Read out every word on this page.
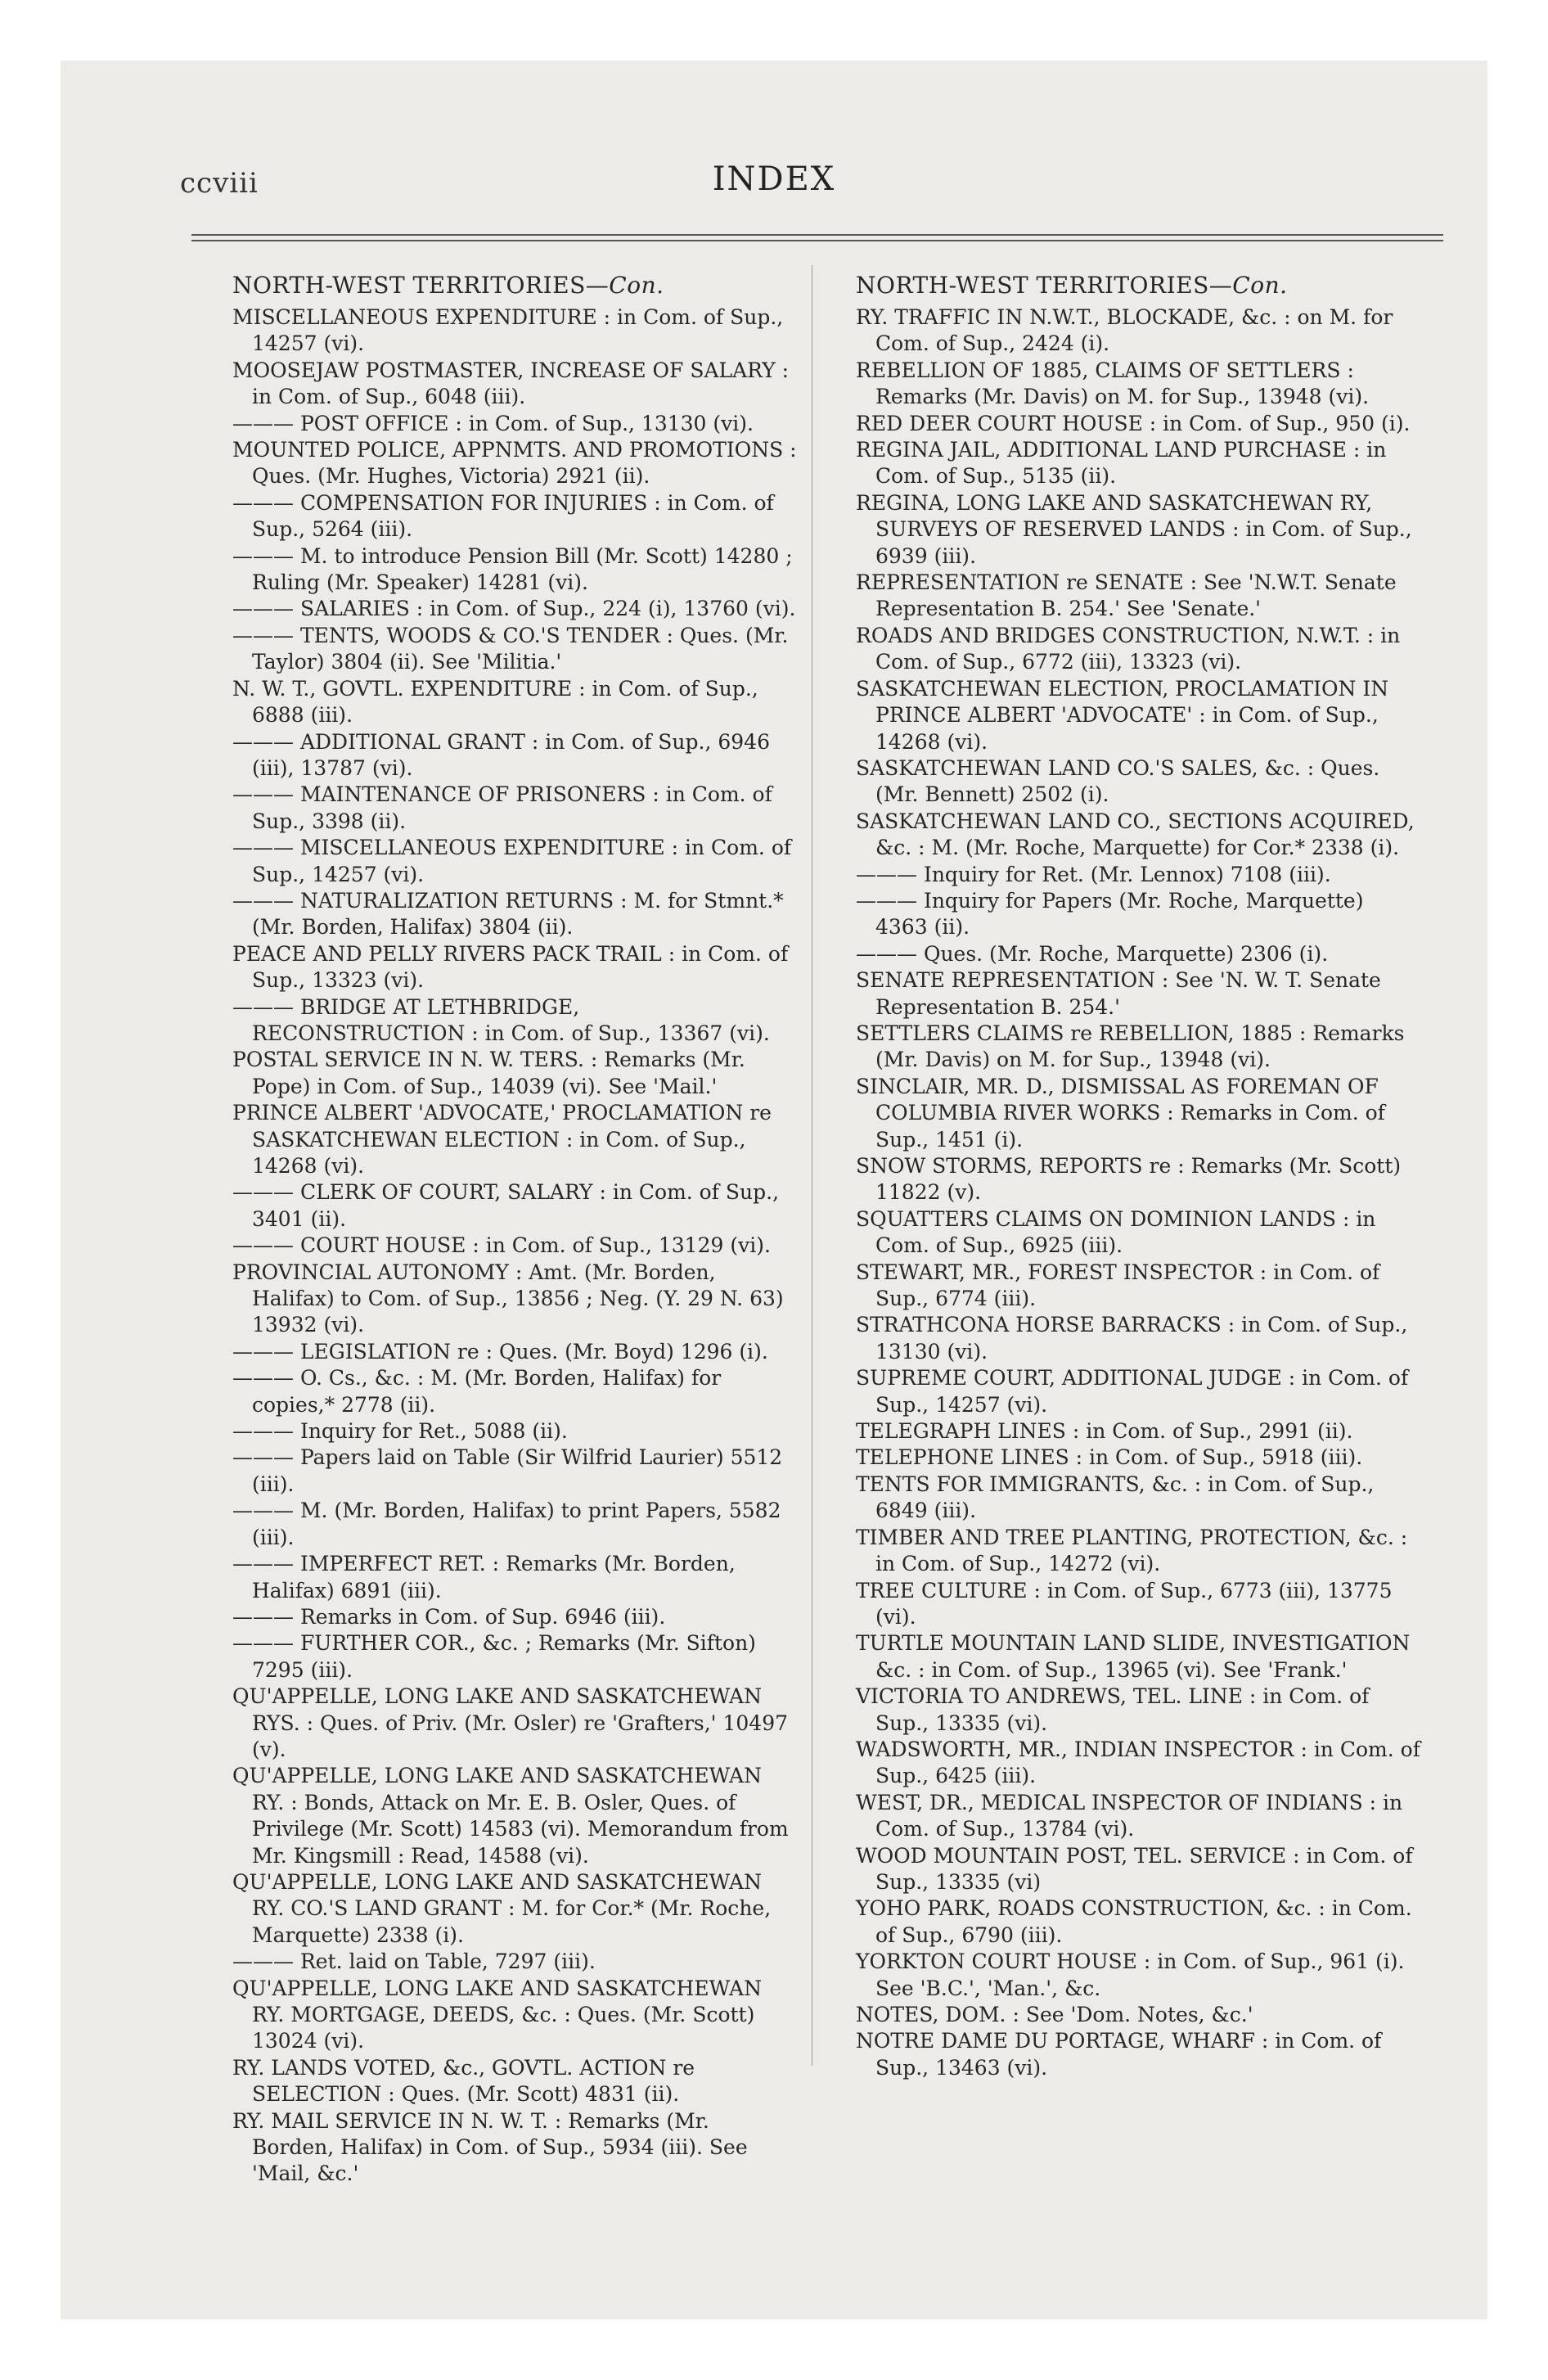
ccviii	INDEX
NORTH-WEST TERRITORIES—Con.
MISCELLANEOUS EXPENDITURE : in Com. of Sup., 14257 (vi).
MOOSEJAW POSTMASTER, INCREASE OF SALARY : in Com. of Sup., 6048 (iii).
——— POST OFFICE : in Com. of Sup., 13130 (vi).
MOUNTED POLICE, APPNMTS. AND PROMOTIONS : Ques. (Mr. Hughes, Victoria) 2921 (ii).
——— COMPENSATION FOR INJURIES : in Com. of Sup., 5264 (iii).
——— M. to introduce Pension Bill (Mr. Scott) 14280 ; Ruling (Mr. Speaker) 14281 (vi).
——— SALARIES : in Com. of Sup., 224 (i), 13760 (vi).
——— TENTS, WOODS & CO.'S TENDER : Ques. (Mr. Taylor) 3804 (ii). See 'Militia.'
N. W. T., GOVTL. EXPENDITURE : in Com. of Sup., 6888 (iii).
——— ADDITIONAL GRANT : in Com. of Sup., 6946 (iii), 13787 (vi).
——— MAINTENANCE OF PRISONERS : in Com. of Sup., 3398 (ii).
——— MISCELLANEOUS EXPENDITURE : in Com. of Sup., 14257 (vi).
——— NATURALIZATION RETURNS : M. for Stmnt.* (Mr. Borden, Halifax) 3804 (ii).
PEACE AND PELLY RIVERS PACK TRAIL : in Com. of Sup., 13323 (vi).
——— BRIDGE AT LETHBRIDGE, RECONSTRUCTION : in Com. of Sup., 13367 (vi).
POSTAL SERVICE IN N. W. TERS. : Remarks (Mr. Pope) in Com. of Sup., 14039 (vi). See 'Mail.'
PRINCE ALBERT 'ADVOCATE,' PROCLAMATION re SASKATCHEWAN ELECTION : in Com. of Sup., 14268 (vi).
——— CLERK OF COURT, SALARY : in Com. of Sup., 3401 (ii).
——— COURT HOUSE : in Com. of Sup., 13129 (vi).
PROVINCIAL AUTONOMY : Amt. (Mr. Borden, Halifax) to Com. of Sup., 13856 ; Neg. (Y. 29 N. 63) 13932 (vi).
——— LEGISLATION re : Ques. (Mr. Boyd) 1296 (i).
——— O. Cs., &c. : M. (Mr. Borden, Halifax) for copies,* 2778 (ii).
——— Inquiry for Ret., 5088 (ii).
——— Papers laid on Table (Sir Wilfrid Laurier) 5512 (iii).
——— M. (Mr. Borden, Halifax) to print Papers, 5582 (iii).
——— IMPERFECT RET. : Remarks (Mr. Borden, Halifax) 6891 (iii).
——— Remarks in Com. of Sup. 6946 (iii).
——— FURTHER COR., &c. ; Remarks (Mr. Sifton) 7295 (iii).
QU'APPELLE, LONG LAKE AND SASKATCHEWAN RYS. : Ques. of Priv. (Mr. Osler) re 'Grafters,' 10497 (v).
QU'APPELLE, LONG LAKE AND SASKATCHEWAN RY. : Bonds, Attack on Mr. E. B. Osler, Ques. of Privilege (Mr. Scott) 14583 (vi). Memorandum from Mr. Kingsmill : Read, 14588 (vi).
QU'APPELLE, LONG LAKE AND SASKATCHEWAN RY. CO.'S LAND GRANT : M. for Cor.* (Mr. Roche, Marquette) 2338 (i).
——— Ret. laid on Table, 7297 (iii).
QU'APPELLE, LONG LAKE AND SASKATCHEWAN RY. MORTGAGE, DEEDS, &c. : Ques. (Mr. Scott) 13024 (vi).
RY. LANDS VOTED, &c., GOVTL. ACTION re SELECTION : Ques. (Mr. Scott) 4831 (ii).
RY. MAIL SERVICE IN N. W. T. : Remarks (Mr. Borden, Halifax) in Com. of Sup., 5934 (iii). See 'Mail, &c.'
NORTH-WEST TERRITORIES—Con.
RY. TRAFFIC IN N.W.T., BLOCKADE, &c. : on M. for Com. of Sup., 2424 (i).
REBELLION OF 1885, CLAIMS OF SETTLERS : Remarks (Mr. Davis) on M. for Sup., 13948 (vi).
RED DEER COURT HOUSE : in Com. of Sup., 950 (i).
REGINA JAIL, ADDITIONAL LAND PURCHASE : in Com. of Sup., 5135 (ii).
REGINA, LONG LAKE AND SASKATCHEWAN RY, SURVEYS OF RESERVED LANDS : in Com. of Sup., 6939 (iii).
REPRESENTATION re SENATE : See 'N.W.T. Senate Representation B. 254.' See 'Senate.'
ROADS AND BRIDGES CONSTRUCTION, N.W.T. : in Com. of Sup., 6772 (iii), 13323 (vi).
SASKATCHEWAN ELECTION, PROCLAMATION IN PRINCE ALBERT 'ADVOCATE' : in Com. of Sup., 14268 (vi).
SASKATCHEWAN LAND CO.'S SALES, &c. : Ques. (Mr. Bennett) 2502 (i).
SASKATCHEWAN LAND CO., SECTIONS ACQUIRED, &c. : M. (Mr. Roche, Marquette) for Cor.* 2338 (i).
——— Inquiry for Ret. (Mr. Lennox) 7108 (iii).
——— Inquiry for Papers (Mr. Roche, Marquette) 4363 (ii).
——— Ques. (Mr. Roche, Marquette) 2306 (i).
SENATE REPRESENTATION : See 'N. W. T. Senate Representation B. 254.'
SETTLERS CLAIMS re REBELLION, 1885 : Remarks (Mr. Davis) on M. for Sup., 13948 (vi).
SINCLAIR, MR. D., DISMISSAL AS FOREMAN OF COLUMBIA RIVER WORKS : Remarks in Com. of Sup., 1451 (i).
SNOW STORMS, REPORTS re : Remarks (Mr. Scott) 11822 (v).
SQUATTERS CLAIMS ON DOMINION LANDS : in Com. of Sup., 6925 (iii).
STEWART, MR., FOREST INSPECTOR : in Com. of Sup., 6774 (iii).
STRATHCONA HORSE BARRACKS : in Com. of Sup., 13130 (vi).
SUPREME COURT, ADDITIONAL JUDGE : in Com. of Sup., 14257 (vi).
TELEGRAPH LINES : in Com. of Sup., 2991 (ii).
TELEPHONE LINES : in Com. of Sup., 5918 (iii).
TENTS FOR IMMIGRANTS, &c. : in Com. of Sup., 6849 (iii).
TIMBER AND TREE PLANTING, PROTECTION, &c. : in Com. of Sup., 14272 (vi).
TREE CULTURE : in Com. of Sup., 6773 (iii), 13775 (vi).
TURTLE MOUNTAIN LAND SLIDE, INVESTIGATION &c. : in Com. of Sup., 13965 (vi). See 'Frank.'
VICTORIA TO ANDREWS, TEL. LINE : in Com. of Sup., 13335 (vi).
WADSWORTH, MR., INDIAN INSPECTOR : in Com. of Sup., 6425 (iii).
WEST, DR., MEDICAL INSPECTOR OF INDIANS : in Com. of Sup., 13784 (vi).
WOOD MOUNTAIN POST, TEL. SERVICE : in Com. of Sup., 13335 (vi)
YOHO PARK, ROADS CONSTRUCTION, &c. : in Com. of Sup., 6790 (iii).
YORKTON COURT HOUSE : in Com. of Sup., 961 (i). See 'B.C.', 'Man.', &c.
NOTES, DOM. : See 'Dom. Notes, &c.'
NOTRE DAME DU PORTAGE, WHARF : in Com. of Sup., 13463 (vi).
